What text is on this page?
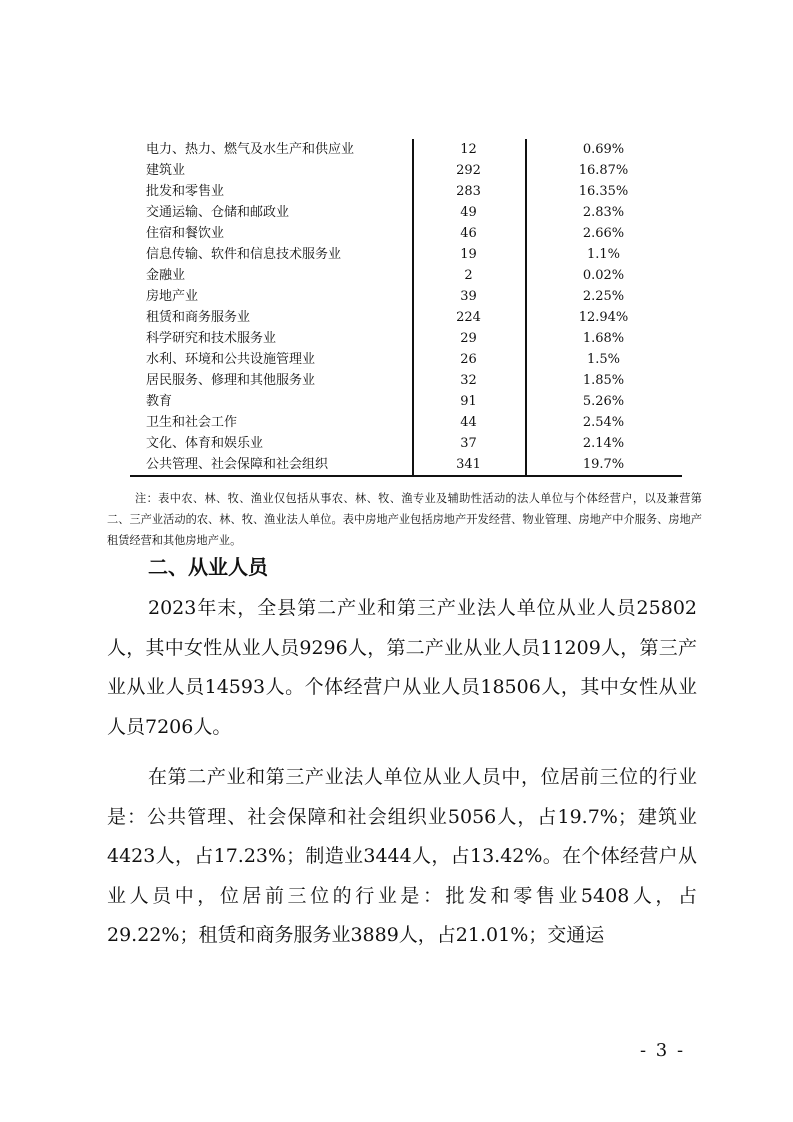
电力、热力、燃气及水生产和供应业	12	0.69%
建筑业	292	16.87%
批发和零售业	283	16.35%
交通运输、仓储和邮政业	49	2.83%
住宿和餐饮业	46	2.66%
信息传输、软件和信息技术服务业	19	1.1%
金融业	2	0.02%
房地产业	39	2.25%
租赁和商务服务业	224	12.94%
科学研究和技术服务业	29	1.68%
水利、环境和公共设施管理业	26	1.5%
居民服务、修理和其他服务业	32	1.85%
教育	91	5.26%
卫生和社会工作	44	2.54%
文化、体育和娱乐业	37	2.14%
公共管理、社会保障和社会组织	341	19.7%
注：表中农、林、牧、渔业仅包括从事农、林、牧、渔专业及辅助性活动的法人单位与个体经营户，以及兼营第二、三产业活动的农、林、牧、渔业法人单位。表中房地产业包括房地产开发经营、物业管理、房地产中介服务、房地产租赁经营和其他房地产业。
二、从业人员
2023年末，全县第二产业和第三产业法人单位从业人员25802人，其中女性从业人员9296人，第二产业从业人员11209人，第三产业从业人员14593人。个体经营户从业人员18506人，其中女性从业人员7206人。
在第二产业和第三产业法人单位从业人员中，位居前三位的行业是：公共管理、社会保障和社会组织业5056人，占19.7%；建筑业4423人，占17.23%；制造业3444人，占13.42%。在个体经营户从业人员中，位居前三位的行业是：批发和零售业5408人，占29.22%；租赁和商务服务业3889人，占21.01%；交通运
- 3 -
